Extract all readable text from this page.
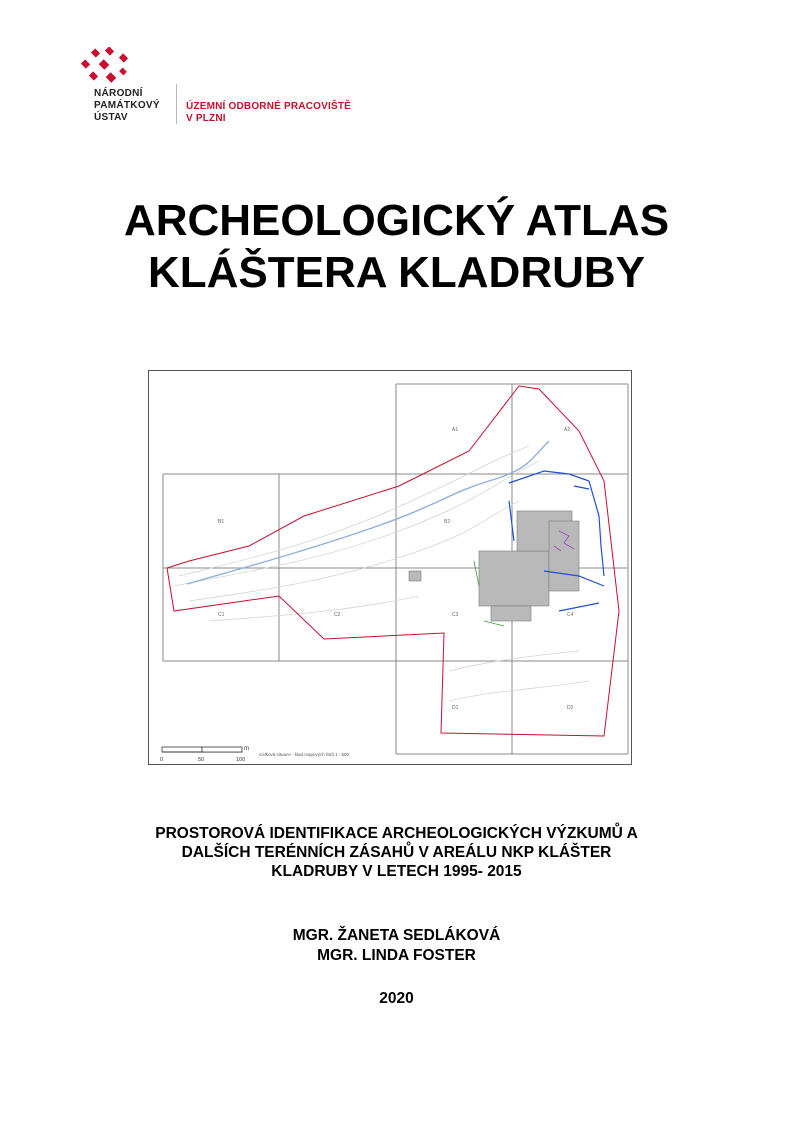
NÁRODNÍ
PAMÁTKOVÝ
ÚSTAV
ÚZEMNÍ ODBORNÉ PRACOVIŠTĚ
V PLZNI
ARCHEOLOGICKÝ ATLAS
KLÁŠTERA KLADRUBY
A1	A2
B1	B2
C1	C2	C3	C4
D1	D2
m
0	50	100
Celková situace - klad mapových listů 1 : 500
PROSTOROVÁ IDENTIFIKACE ARCHEOLOGICKÝCH VÝZKUMŮ A
DALŠÍCH TERÉNNÍCH ZÁSAHŮ V AREÁLU NKP KLÁŠTER
KLADRUBY V LETECH 1995- 2015
MGR. ŽANETA SEDLÁKOVÁ
MGR. LINDA FOSTER
2020
